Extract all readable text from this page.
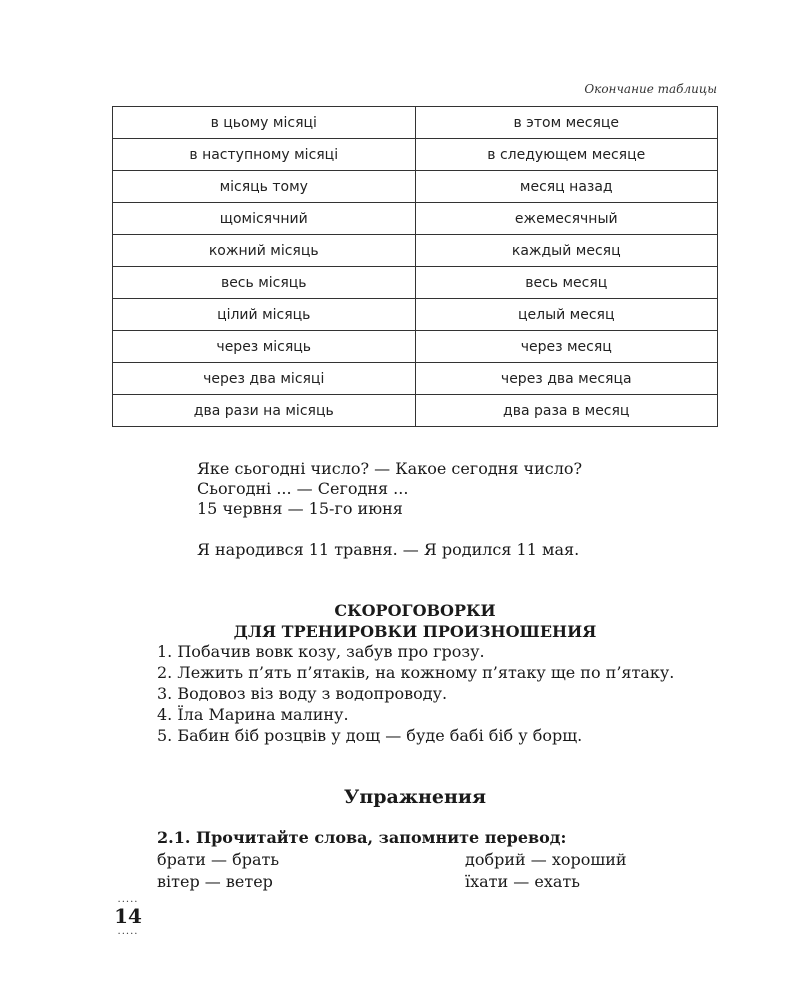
Окончание таблицы
в цьому місяці	в этом месяце
в наступному місяці	в следующем месяце
місяць тому	месяц назад
щомісячний	ежемесячный
кожний місяць	каждый месяц
весь місяць	весь месяц
цілий місяць	целый месяц
через місяць	через месяц
через два місяці	через два месяца
два рази на місяць	два раза в месяц
Яке сьогодні число? — Какое сегодня число?
Сьогодні ... — Сегодня ...
15 червня — 15-го июня
Я народився 11 травня. — Я родился 11 мая.
СКОРОГОВОРКИ
ДЛЯ ТРЕНИРОВКИ ПРОИЗНОШЕНИЯ

1. Побачив вовк козу, забув про грозу.

2. Лежить п’ять п’ятаків, на кожному п’ятаку ще по п’ятаку.

3. Водовоз віз воду з водопроводу.

4. Їла Марина малину.

5. Бабин біб розцвів у дощ — буде бабі біб у борщ.

Упражнения
2.1. Прочитайте слова, запомните перевод:
брати — брать	добрий — хороший
вітер — ветер	їхати — ехать
.....
14
.....
